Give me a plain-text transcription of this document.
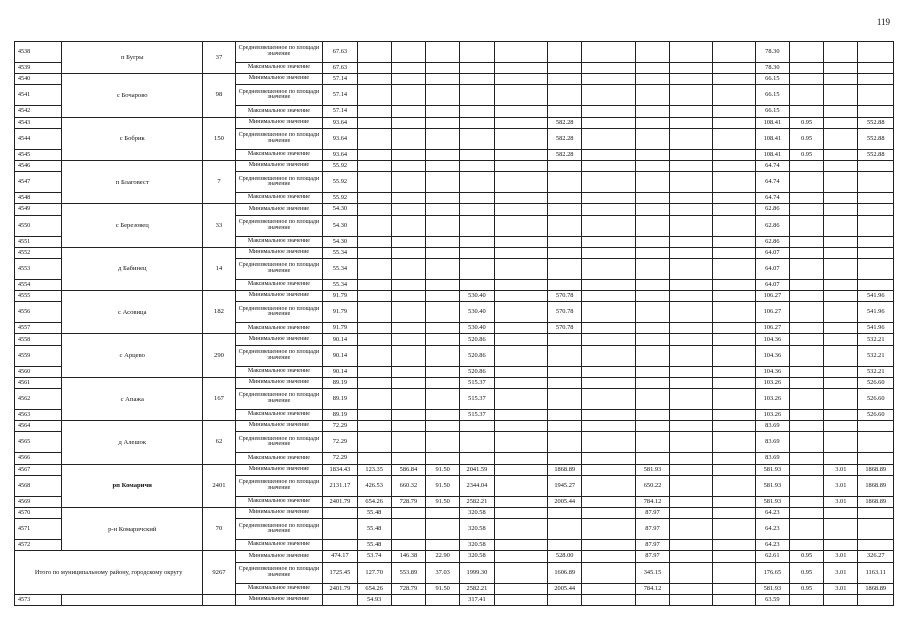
119
4538	п Бугры	37	Средневзвешенное по площади значение	67.63											78.30			
4539			Максимальное значение	67.63											78.30			
4540	с Бочарово	98	Минимальное значение	57.14											66.15			
4541			Средневзвешенное по площади значение	57.14											66.15			
4542			Максимальное значение	57.14											66.15			
4543	с Бобрик	150	Минимальное значение	93.64						582.28					108.41	0.95		552.88
4544			Средневзвешенное по площади значение	93.64						582.28					108.41	0.95		552.88
4545			Максимальное значение	93.64						582.28					108.41	0.95		552.88
4546	п Благовест	7	Минимальное значение	55.92											64.74			
4547			Средневзвешенное по площади значение	55.92											64.74			
4548			Максимальное значение	55.92											64.74			
4549	с Березовец	33	Минимальное значение	54.30											62.86			
4550			Средневзвешенное по площади значение	54.30											62.86			
4551			Максимальное значение	54.30											62.86			
4552	д Бабинец	14	Минимальное значение	55.34											64.07			
4553			Средневзвешенное по площади значение	55.34											64.07			
4554			Максимальное значение	55.34											64.07			
4555	с Асовица	182	Минимальное значение	91.79				530.40		570.78					106.27			541.96
4556			Средневзвешенное по площади значение	91.79				530.40		570.78					106.27			541.96
4557			Максимальное значение	91.79				530.40		570.78					106.27			541.96
4558	с Арцево	290	Минимальное значение	90.14				520.86							104.36			532.21
4559			Средневзвешенное по площади значение	90.14				520.86							104.36			532.21
4560			Максимальное значение	90.14				520.86							104.36			532.21
4561	с Апажа	167	Минимальное значение	89.19				515.37							103.26			526.60
4562			Средневзвешенное по площади значение	89.19				515.37							103.26			526.60
4563			Максимальное значение	89.19				515.37							103.26			526.60
4564	д Алешок	62	Минимальное значение	72.29											83.69			
4565			Средневзвешенное по площади значение	72.29											83.69			
4566			Максимальное значение	72.29											83.69			
4567	рп Комаричи	2401	Минимальное значение	1834.43	123.35	586.84	91.50	2041.59		1868.89		581.93			581.93		3.01	1868.89
4568			Средневзвешенное по площади значение	2131.17	426.53	660.32	91.50	2344.04		1945.27		650.22			581.93		3.01	1868.89
4569			Максимальное значение	2401.79	654.26	728.79	91.50	2582.21		2005.44		784.12			581.93		3.01	1868.89
4570	р-н Комаричский	70	Минимальное значение		55.48			320.58				87.97			64.23			
4571			Средневзвешенное по площади значение		55.48			320.58				87.97			64.23			
4572			Максимальное значение		55.48			320.58				87.97			64.23			
Итого по муниципальному району, городскому округу		9267	Минимальное значение	474.17	53.74	146.38	22.90	320.58		528.00		87.97			62.61	0.95	3.01	326.27
			Средневзвешенное по площади значение	1725.45	127.70	553.89	37.03	1999.30		1606.89		345.15			176.65	0.95	3.01	1163.11
			Максимальное значение	2401.79	654.26	728.79	91.50	2582.21		2005.44		784.12			581.93	0.95	3.01	1868.89
4573			Минимальное значение		54.93			317.41							63.59			
